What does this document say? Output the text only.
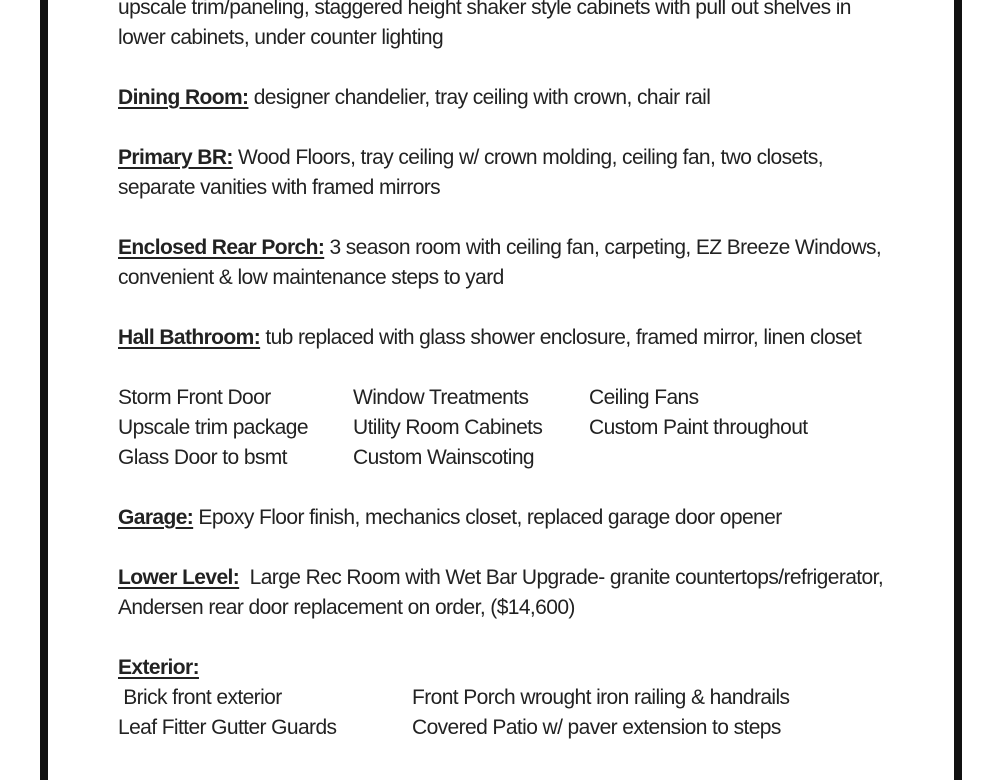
upscale trim/paneling, staggered height shaker style cabinets with pull out shelves in
lower cabinets, under counter lighting
Dining Room: designer chandelier, tray ceiling with crown, chair rail
Primary BR: Wood Floors, tray ceiling w/ crown molding, ceiling fan, two closets,
separate vanities with framed mirrors
Enclosed Rear Porch: 3 season room with ceiling fan, carpeting, EZ Breeze Windows,
convenient & low maintenance steps to yard
Hall Bathroom: tub replaced with glass shower enclosure, framed mirror, linen closet
Storm Front Door
Upscale trim package
Glass Door to bsmt
Window Treatments
Utility Room Cabinets
Custom Wainscoting
Ceiling Fans
Custom Paint throughout
Garage: Epoxy Floor finish, mechanics closet, replaced garage door opener
Lower Level:  Large Rec Room with Wet Bar Upgrade- granite countertops/refrigerator,
Andersen rear door replacement on order, ($14,600)
Exterior:
Brick front exterior
Leaf Fitter Gutter Guards
Front Porch wrought iron railing & handrails
Covered Patio w/ paver extension to steps
